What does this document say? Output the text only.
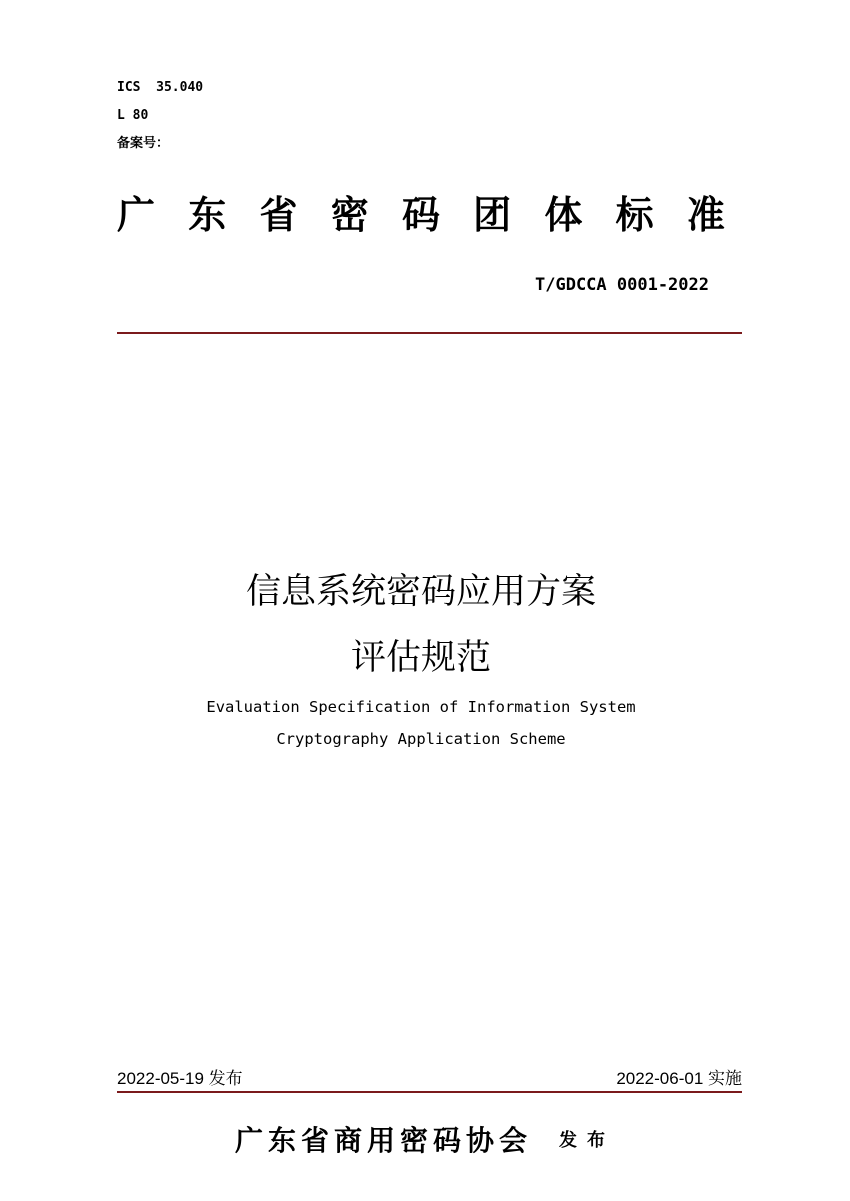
ICS  35.040
L 80
备案号：
广 东 省 密 码 团 体 标 准
T/GDCCA 0001-2022
信息系统密码应用方案
评估规范
Evaluation Specification of Information System
Cryptography Application Scheme
2022-05-19 发布	2022-06-01 实施
广东省商用密码协会 发布
